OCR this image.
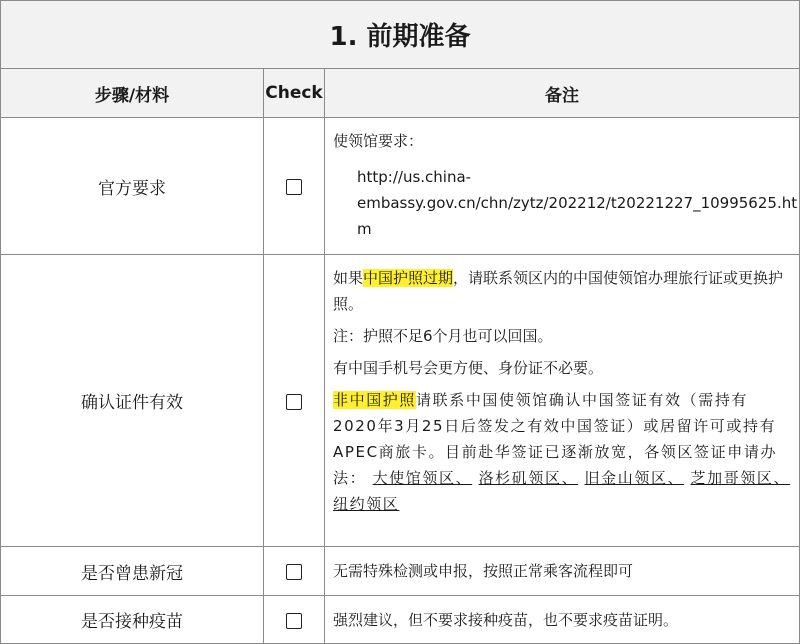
1. 前期准备		
步骤/材料	Check	备注
官方要求		使领馆要求：
http://us.china-
embassy.gov.cn/chn/zytz/202212/t20221227_10995625.ht
m

确认证件有效		如果中国护照过期，请联系领区内的中国使领馆办理旅行证或更换护照。
注：护照不足6个月也可以回国。
有中国手机号会更方便、身份证不必要。
非中国护照请联系中国使领馆确认中国签证有效（需持有2020年3月25日后签发之有效中国签证）或居留许可或持有APEC商旅卡。目前赴华签证已逐渐放宽，各领区签证申请办法： 大使馆领区、 洛杉矶领区、 旧金山领区、 芝加哥领区、 纽约领区

是否曾患新冠		无需特殊检测或申报，按照正常乘客流程即可
是否接种疫苗		强烈建议，但不要求接种疫苗，也不要求疫苗证明。
